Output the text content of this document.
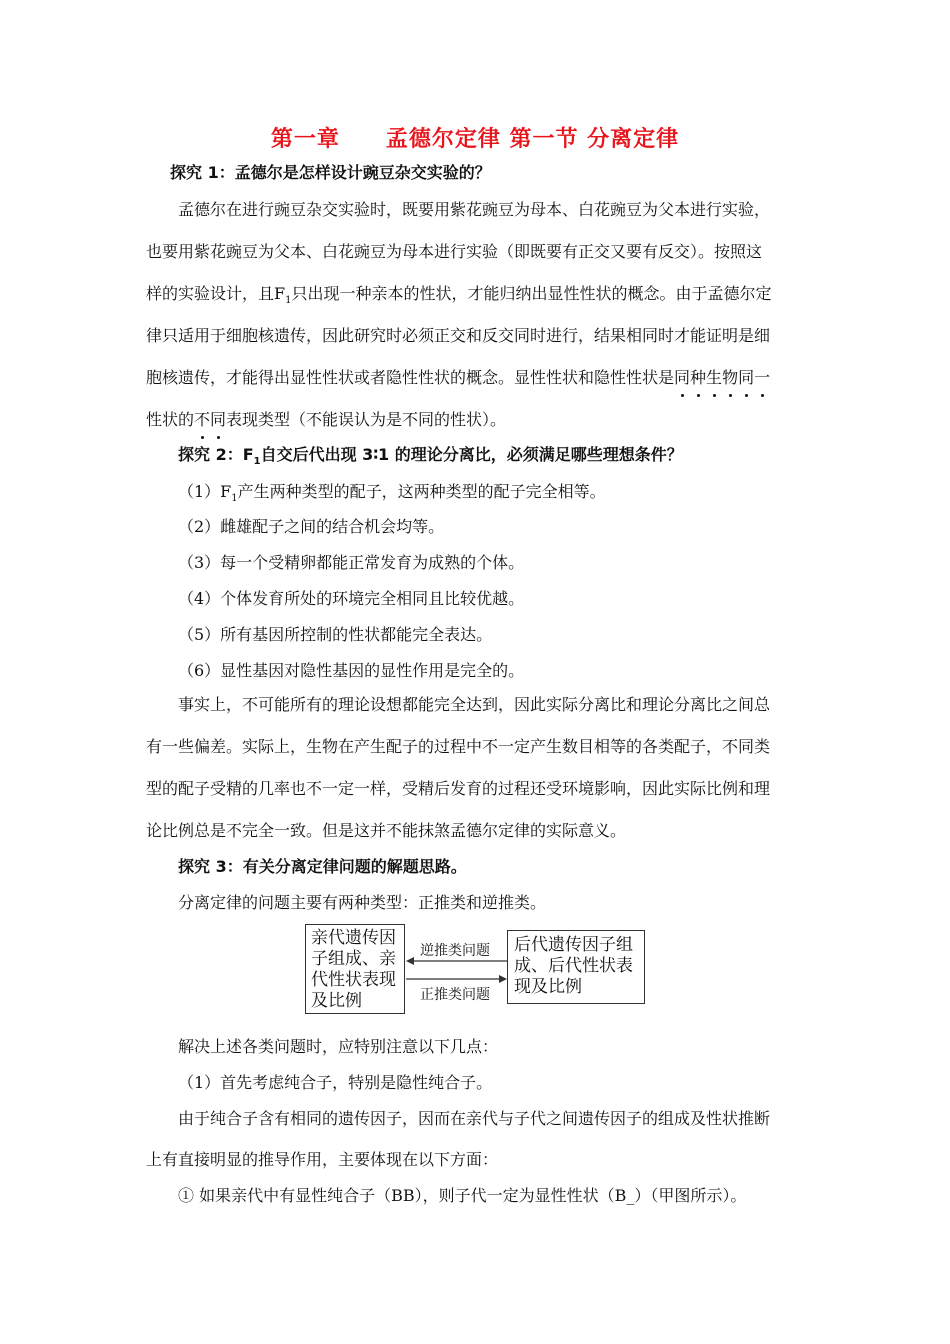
第一章　　孟德尔定律 第一节 分离定律
探究 1：孟德尔是怎样设计豌豆杂交实验的？
孟德尔在进行豌豆杂交实验时，既要用紫花豌豆为母本、白花豌豆为父本进行实验，
也要用紫花豌豆为父本、白花豌豆为母本进行实验（即既要有正交又要有反交）。按照这
样的实验设计，且$F_1$只出现一种亲本的性状，才能归纳出显性性状的概念。由于孟德尔定
律只适用于细胞核遗传，因此研究时必须正交和反交同时进行，结果相同时才能证明是细
胞核遗传，才能得出显性性状或者隐性性状的概念。显性性状和隐性性状是同种生物同一
性状的不同表现类型（不能误认为是不同的性状）。
探究 2：$F_1$自交后代出现 3∶1 的理论分离比，必须满足哪些理想条件？
$(1)F_1$产生两种类型的配子，这两种类型的配子完全相等。
（2）雌雄配子之间的结合机会均等。
（3）每一个受精卵都能正常发育为成熟的个体。
（4）个体发育所处的环境完全相同且比较优越。
（5）所有基因所控制的性状都能完全表达。
（6）显性基因对隐性基因的显性作用是完全的。
事实上，不可能所有的理论设想都能完全达到，因此实际分离比和理论分离比之间总
有一些偏差。实际上，生物在产生配子的过程中不一定产生数目相等的各类配子，不同类
型的配子受精的几率也不一定一样，受精后发育的过程还受环境影响，因此实际比例和理
论比例总是不完全一致。但是这并不能抹煞孟德尔定律的实际意义。
探究 3：有关分离定律问题的解题思路。
分离定律的问题主要有两种类型：正推类和逆推类。
亲代遗传因
子组成、亲
代性状表现
及比例
后代遗传因子组
成、后代性状表
现及比例
逆推类问题
正推类问题
解决上述各类问题时，应特别注意以下几点：
（1）首先考虑纯合子，特别是隐性纯合子。
由于纯合子含有相同的遗传因子，因而在亲代与子代之间遗传因子的组成及性状推断
上有直接明显的推导作用，主要体现在以下方面：
① 如果亲代中有显性纯合子（BB），则子代一定为显性性状（B_）（甲图所示）。
